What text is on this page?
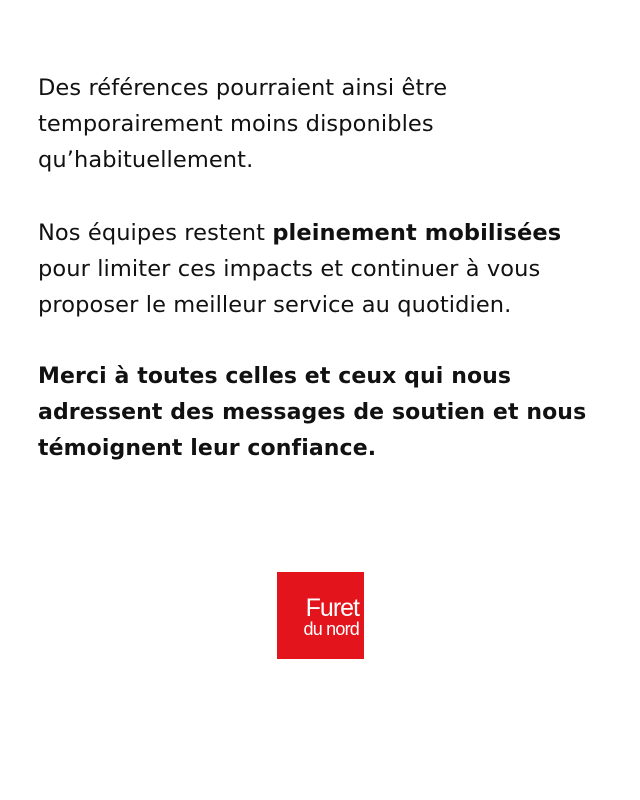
Des références pourraient ainsi être temporairement moins disponibles qu’habituellement.

Nos équipes restent pleinement mobilisées pour limiter ces impacts et continuer à vous proposer le meilleur service au quotidien.

Merci à toutes celles et ceux qui nous adressent des messages de soutien et nous témoignent leur confiance.

Furet
du nord
